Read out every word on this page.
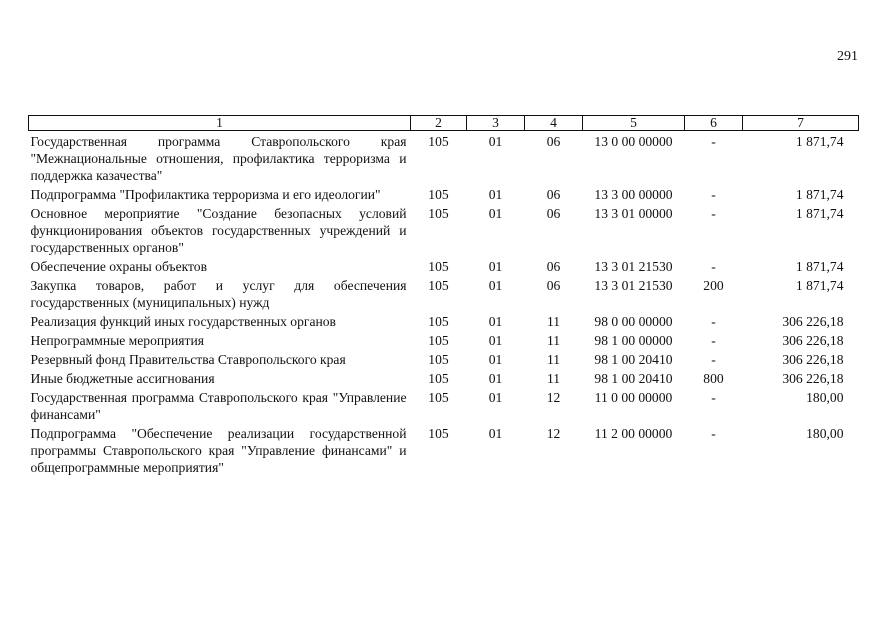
291
1	2	3	4	5	6	7
Государственная программа Ставропольского края "Межнациональные отношения, профилактика терроризма и поддержка казачества"	105	01	06	13 0 00 00000	-	1 871,74
Подпрограмма "Профилактика терроризма и его идеологии"	105	01	06	13 3 00 00000	-	1 871,74
Основное мероприятие "Создание безопасных условий функционирования объектов государственных учреждений и государственных органов"	105	01	06	13 3 01 00000	-	1 871,74
Обеспечение охраны объектов	105	01	06	13 3 01 21530	-	1 871,74
Закупка товаров, работ и услуг для обеспечения государственных (муниципальных) нужд	105	01	06	13 3 01 21530	200	1 871,74
Реализация функций иных государственных органов	105	01	11	98 0 00 00000	-	306 226,18
Непрограммные мероприятия	105	01	11	98 1 00 00000	-	306 226,18
Резервный фонд Правительства Ставропольского края	105	01	11	98 1 00 20410	-	306 226,18
Иные бюджетные ассигнования	105	01	11	98 1 00 20410	800	306 226,18
Государственная программа Ставропольского края "Управление финансами"	105	01	12	11 0 00 00000	-	180,00
Подпрограмма "Обеспечение реализации государственной программы Ставропольского края "Управление финансами" и общепрограммные мероприятия"	105	01	12	11 2 00 00000	-	180,00
